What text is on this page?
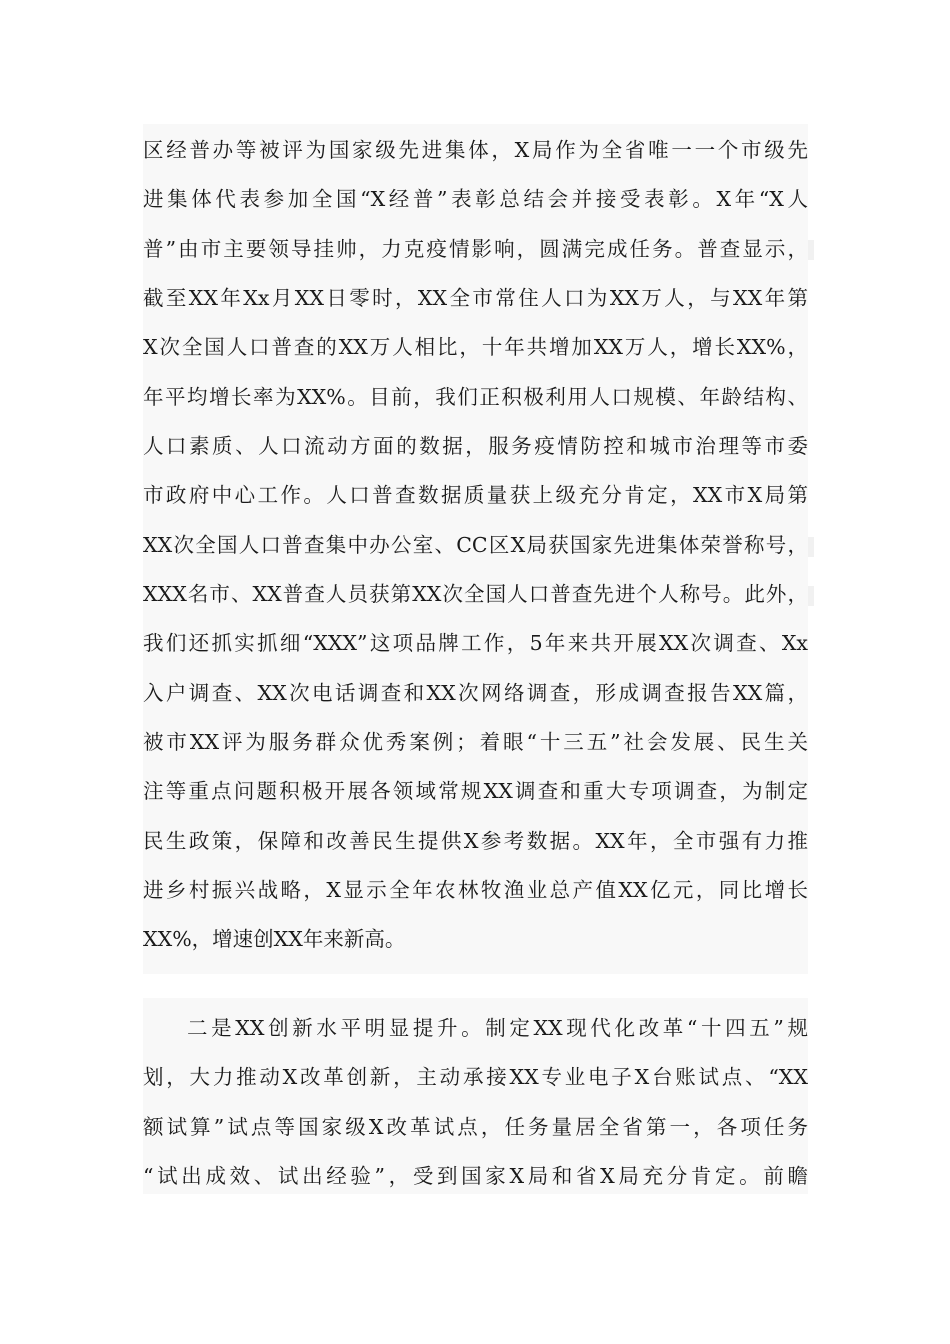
区经普办等被评为国家级先进集体，X局作为全省唯一一个市级先
进集体代表参加全国“X经普”表彰总结会并接受表彰。X年“X人
普”由市主要领导挂帅，力克疫情影响，圆满完成任务。普查显示，
截至XX年Xx月XX日零时，XX全市常住人口为XX万人，与XX年第
X次全国人口普查的XX万人相比，十年共增加XX万人，增长XX%，
年平均增长率为XX%。目前，我们正积极利用人口规模、年龄结构、
人口素质、人口流动方面的数据，服务疫情防控和城市治理等市委
市政府中心工作。人口普查数据质量获上级充分肯定，XX市X局第
XX次全国人口普查集中办公室、CC区X局获国家先进集体荣誉称号，
XXX名市、XX普查人员获第XX次全国人口普查先进个人称号。此外，
我们还抓实抓细“XXX”这项品牌工作，5年来共开展XX次调查、Xx
入户调查、XX次电话调查和XX次网络调查，形成调查报告XX篇，
被市XX评为服务群众优秀案例；着眼“十三五”社会发展、民生关
注等重点问题积极开展各领域常规XX调查和重大专项调查，为制定
民生政策，保障和改善民生提供X参考数据。XX年，全市强有力推
进乡村振兴战略，X显示全年农林牧渔业总产值XX亿元，同比增长
XX%，增速创XX年来新高。
二是XX创新水平明显提升。制定XX现代化改革“十四五”规
划，大力推动X改革创新，主动承接XX专业电子X台账试点、“XX
额试算”试点等国家级X改革试点，任务量居全省第一，各项任务
“试出成效、试出经验”，受到国家X局和省X局充分肯定。前瞻
